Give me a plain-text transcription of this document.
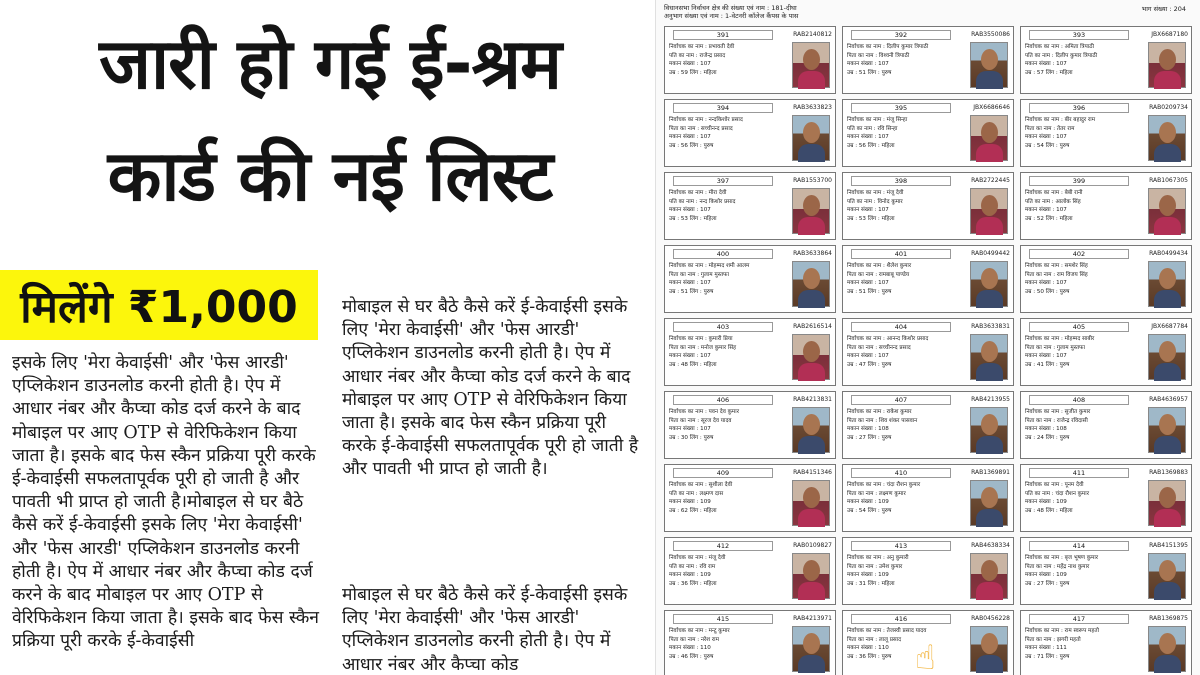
जारी हो गई ई-श्रम
कार्ड की नई लिस्ट
मिलेंगे ₹1,000
इसके लिए 'मेरा केवाईसी' और 'फेस आरडी' एप्लिकेशन डाउनलोड करनी होती है। ऐप में आधार नंबर और कैप्चा कोड दर्ज करने के बाद मोबाइल पर आए OTP से वेरिफिकेशन किया जाता है। इसके बाद फेस स्कैन प्रक्रिया पूरी करके ई-केवाईसी सफलतापूर्वक पूरी हो जाती है और पावती भी प्राप्त हो जाती है।मोबाइल से घर बैठे कैसे करें ई-केवाईसी इसके लिए 'मेरा केवाईसी' और 'फेस आरडी' एप्लिकेशन डाउनलोड करनी होती है। ऐप में आधार नंबर और कैप्चा कोड दर्ज करने के बाद मोबाइल पर आए OTP से वेरिफिकेशन किया जाता है। इसके बाद फेस स्कैन प्रक्रिया पूरी करके ई-केवाईसी
मोबाइल से घर बैठे कैसे करें ई-केवाईसी इसके लिए 'मेरा केवाईसी' और 'फेस आरडी' एप्लिकेशन डाउनलोड करनी होती है। ऐप में आधार नंबर और कैप्चा कोड दर्ज करने के बाद मोबाइल पर आए OTP से वेरिफिकेशन किया जाता है। इसके बाद फेस स्कैन प्रक्रिया पूरी करके ई-केवाईसी सफलतापूर्वक पूरी हो जाती है और पावती भी प्राप्त हो जाती है।
मोबाइल से घर बैठे कैसे करें ई-केवाईसी इसके लिए 'मेरा केवाईसी' और 'फेस आरडी' एप्लिकेशन डाउनलोड करनी होती है। ऐप में आधार नंबर और कैप्चा कोड
विधानसभा निर्वाचन क्षेत्र की संख्या एवं नाम : 181-दीघा
अनुभाग संख्या एवं नाम : 1-वेटनरी कॉलेज कैंपस के पास
भाग संख्या : 204
391	RAB2140812
निर्वाचक का नाम : प्रभावती देवी
पति का नाम : राजेन्द्र प्रसाद
मकान संख्या : 107
उम्र : 59 लिंग : महिला
392	RAB3550086
निर्वाचक का नाम : दिलीप कुमार त्रिपाठी
पिता का नाम : विश्वनी त्रिपाठी
मकान संख्या : 107
उम्र : 51 लिंग : पुरुष
393	JBX6687180
निर्वाचक का नाम : अमिता त्रिपाठी
पति का नाम : दिलीप कुमार त्रिपाठी
मकान संख्या : 107
उम्र : 57 लिंग : महिला
394	RAB3633823
निर्वाचक का नाम : नन्दकिशोर प्रसाद
पिता का नाम : सच्चीनन्द प्रसाद
मकान संख्या : 107
उम्र : 56 लिंग : पुरुष
395	JBX6686646
निर्वाचक का नाम : मंजू सिन्हा
पति का नाम : रवि सिन्हा
मकान संख्या : 107
उम्र : 56 लिंग : महिला
396	RAB0209734
निर्वाचक का नाम : बीर बहादुर राम
पिता का नाम : तेतर राम
मकान संख्या : 107
उम्र : 54 लिंग : पुरुष
397	RAB1553700
निर्वाचक का नाम : मीरा देवी
पति का नाम : नन्द किशोर प्रसाद
मकान संख्या : 107
उम्र : 53 लिंग : महिला
398	RAB2722445
निर्वाचक का नाम : मंजू देवी
पति का नाम : विनोद कुमार
मकान संख्या : 107
उम्र : 53 लिंग : महिला
399	RAB1067305
निर्वाचक का नाम : बेबी रानी
पति का नाम : आलोक सिंह
मकान संख्या : 107
उम्र : 52 लिंग : महिला
400	RAB3633864
निर्वाचक का नाम : मोहम्मद शमी आलम
पिता का नाम : गुलाम मुस्तफा
मकान संख्या : 107
उम्र : 51 लिंग : पुरुष
401	RAB0499442
निर्वाचक का नाम : शैलेश कुमार
पिता का नाम : रामबाबू पाण्डेय
मकान संख्या : 107
उम्र : 51 लिंग : पुरुष
402	RAB0499434
निर्वाचक का नाम : समशेर सिंह
पिता का नाम : राम विजय सिंह
मकान संख्या : 107
उम्र : 50 लिंग : पुरुष
403	RAB2616514
निर्वाचक का नाम : कुमारी प्रिया
पिता का नाम : मनोज कुमार सिंह
मकान संख्या : 107
उम्र : 48 लिंग : महिला
404	RAB3633831
निर्वाचक का नाम : आनन्द किशोर प्रसाद
पिता का नाम : सच्चीनन्द प्रसाद
मकान संख्या : 107
उम्र : 47 लिंग : पुरुष
405	JBX6687784
निर्वाचक का नाम : मोहम्मद साबीर
पिता का नाम : गुलाम मुस्तफा
मकान संख्या : 107
उम्र : 41 लिंग : पुरुष
406	RAB4213831
निर्वाचक का नाम : पवन देव कुमार
पिता का नाम : सूरज देव यादव
मकान संख्या : 107
उम्र : 30 लिंग : पुरुष
407	RAB4213955
निर्वाचक का नाम : राकेश कुमार
पिता का नाम : शिव शंकर पासवान
मकान संख्या : 108
उम्र : 27 लिंग : पुरुष
408	RAB4636957
निर्वाचक का नाम : सुजीत कुमार
पिता का नाम : राजेन्द्र रविदासी
मकान संख्या : 108
उम्र : 24 लिंग : पुरुष
409	RAB4151346
निर्वाचक का नाम : सुशीला देवी
पति का नाम : लक्ष्मण दास
मकान संख्या : 109
उम्र : 62 लिंग : महिला
410	RAB1369891
निर्वाचक का नाम : चंदा रौशन कुमार
पिता का नाम : लक्ष्मण कुमार
मकान संख्या : 109
उम्र : 54 लिंग : पुरुष
411	RAB1369883
निर्वाचक का नाम : पूनम देवी
पति का नाम : चंदा रौशन कुमार
मकान संख्या : 109
उम्र : 48 लिंग : महिला
412	RAB0109827
निर्वाचक का नाम : मंजू देवी
पति का नाम : रवि राम
मकान संख्या : 109
उम्र : 36 लिंग : महिला
413	RAB4638334
निर्वाचक का नाम : अनु कुमारी
पिता का नाम : उमेश कुमार
मकान संख्या : 109
उम्र : 31 लिंग : महिला
414	RAB4151395
निर्वाचक का नाम : बृज भूषण कुमार
पिता का नाम : महेंद्र नाथ कुमार
मकान संख्या : 109
उम्र : 27 लिंग : पुरुष
415	RAB4213971
निर्वाचक का नाम : मन्टू कुमार
पिता का नाम : नरेश राम
मकान संख्या : 110
उम्र : 46 लिंग : पुरुष
416	RAB0456228
निर्वाचक का नाम : तेजस्वी प्रसाद यादव
पिता का नाम : लालू प्रसाद
मकान संख्या : 110
उम्र : 36 लिंग : पुरुष
417	RAB1369875
निर्वाचक का नाम : राम स्वरूप महतो
पिता का नाम : झगरी महतो
मकान संख्या : 111
उम्र : 71 लिंग : पुरुष
☝
